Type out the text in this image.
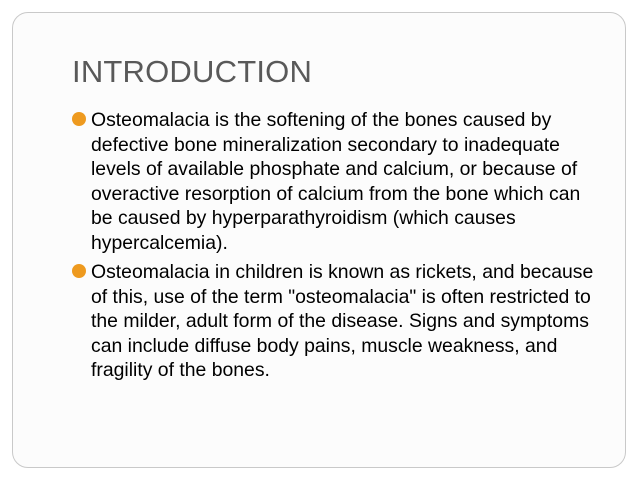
INTRODUCTION
Osteomalacia is the softening of the bones caused by defective bone mineralization secondary to inadequate levels of available phosphate and calcium, or because of overactive resorption of calcium from the bone which can be caused by hyperparathyroidism (which causes hypercalcemia).
Osteomalacia in children is known as rickets, and because of this, use of the term "osteomalacia" is often restricted to the milder, adult form of the disease. Signs and symptoms can include diffuse body pains, muscle weakness, and fragility of the bones.
